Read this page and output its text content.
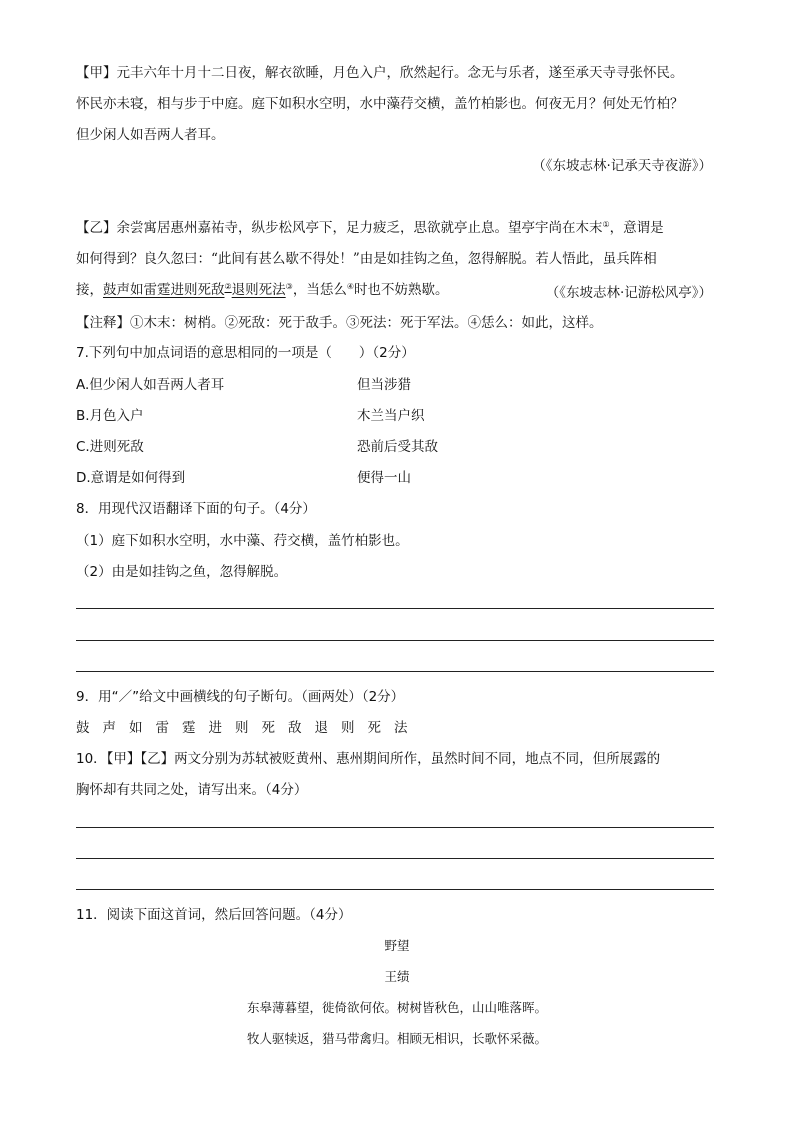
【甲】元丰六年十月十二日夜，解衣欲睡，月色入户，欣然起行。念无与乐者，遂至承天寺寻张怀民。
怀民亦未寝，相与步于中庭。庭下如积水空明，水中藻荇交横，盖竹柏影也。何夜无月？何处无竹柏？
但少闲人如吾两人者耳。
（《东坡志林·记承天寺夜游》）
【乙】余尝寓居惠州嘉祐寺，纵步松风亭下，足力疲乏，思欲就亭止息。望亭宇尚在木末①，意谓是
如何得到？良久忽曰：“此间有甚么歇不得处！”由是如挂钩之鱼，忽得解脱。若人悟此，虽兵阵相
接，鼓声如雷霆进则死敌②退则死法③，当恁么④时也不妨熟歇。	（《东坡志林·记游松风亭》）
【注释】①木末：树梢。②死敌：死于敌手。③死法：死于军法。④恁么：如此，这样。
7.下列句中加点词语的意思相同的一项是（　　）（2分）
A.但少闲人如吾两人者耳	但当涉猎
B.月色入户	木兰当户织
C.进则死敌	恐前后受其敌
D.意谓是如何得到	便得一山
8．用现代汉语翻译下面的句子。（4分）
（1）庭下如积水空明，水中藻、荇交横，盖竹柏影也。
（2）由是如挂钩之鱼，忽得解脱。
9．用“／”给文中画横线的句子断句。（画两处）（2分）
鼓声如雷霆进则死敌退则死法
10．【甲】【乙】两文分别为苏轼被贬黄州、惠州期间所作，虽然时间不同，地点不同，但所展露的
胸怀却有共同之处，请写出来。（4分）
11．阅读下面这首词，然后回答问题。（4分）
野望
王绩
东皋薄暮望，徙倚欲何依。树树皆秋色，山山唯落晖。
牧人驱犊返，猎马带禽归。相顾无相识，长歌怀采薇。
